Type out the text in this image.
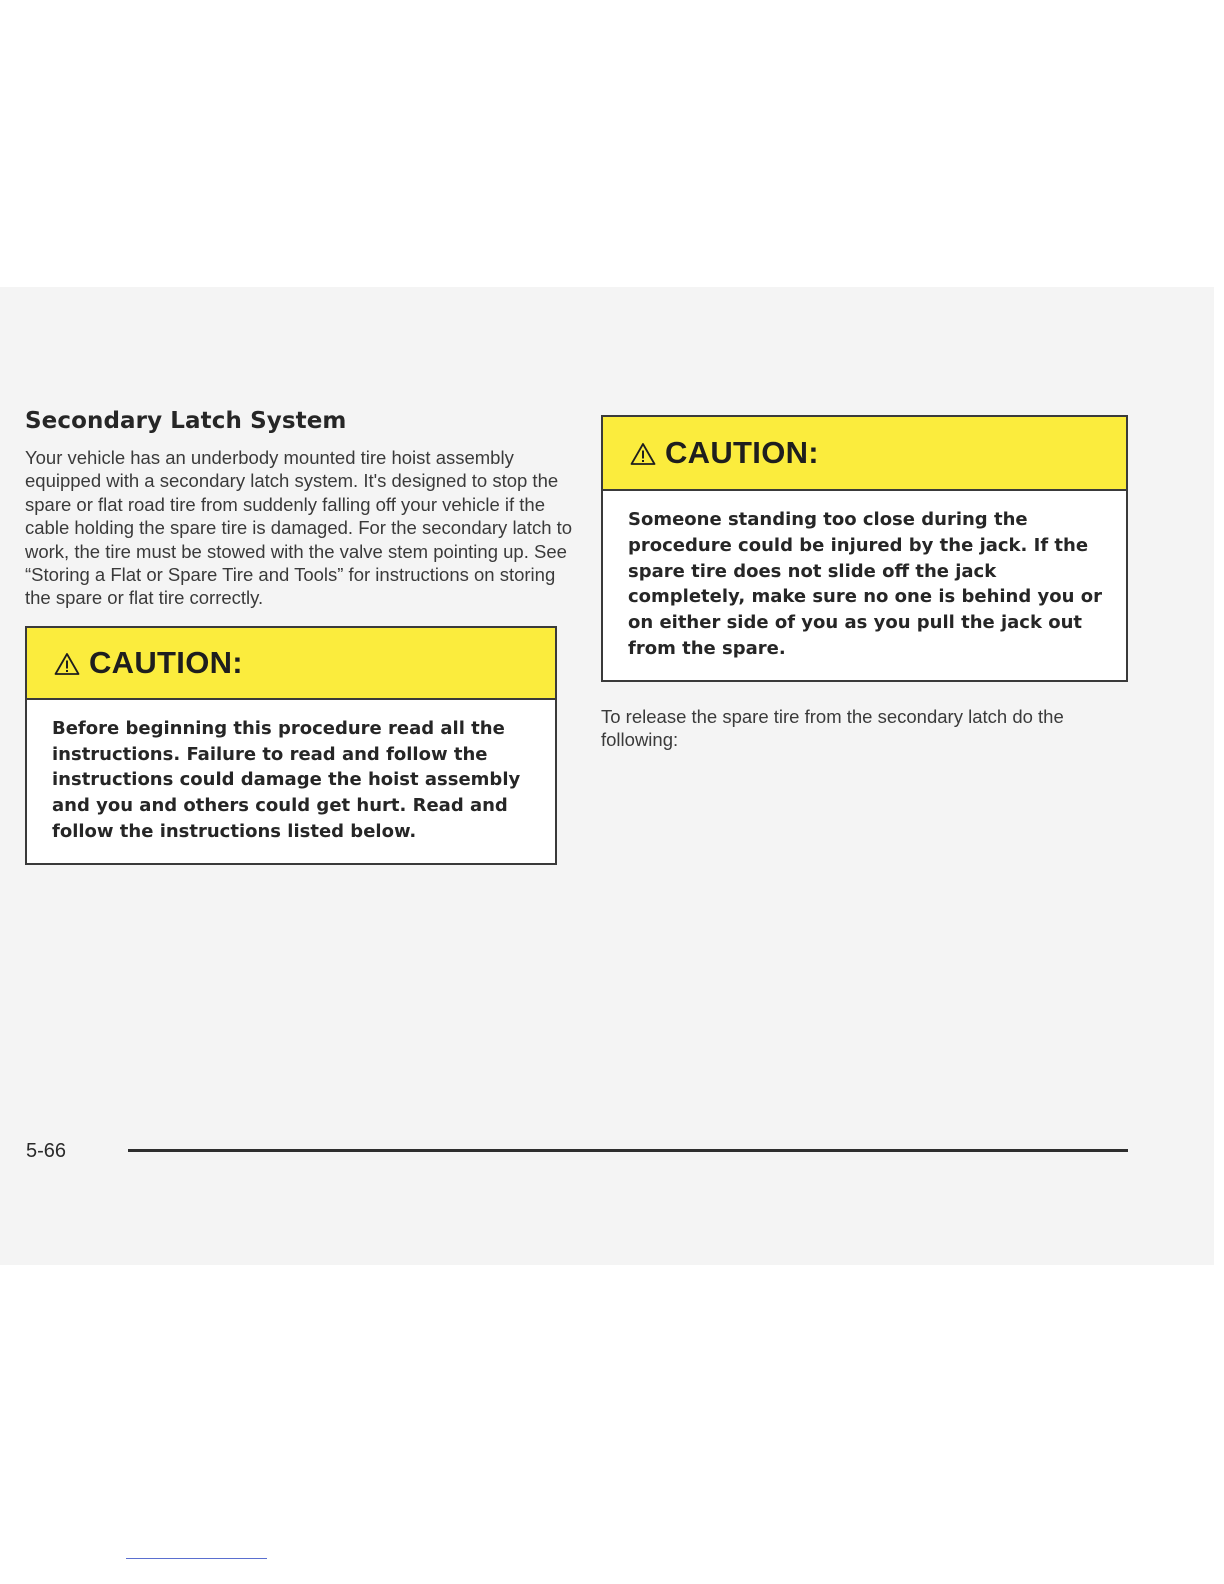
Secondary Latch System

Your vehicle has an underbody mounted tire hoist assembly equipped with a secondary latch system. It's designed to stop the spare or flat road tire from suddenly falling off your vehicle if the cable holding the spare tire is damaged. For the secondary latch to work, the tire must be stowed with the valve stem pointing up. See “Storing a Flat or Spare Tire and Tools” for instructions on storing the spare or flat tire correctly.

CAUTION:

Before beginning this procedure read all the instructions. Failure to read and follow the instructions could damage the hoist assembly and you and others could get hurt. Read and follow the instructions listed below.

CAUTION:

Someone standing too close during the procedure could be injured by the jack. If the spare tire does not slide off the jack completely, make sure no one is behind you or on either side of you as you pull the jack out from the spare.

To release the spare tire from the secondary latch do the following:

5-66
